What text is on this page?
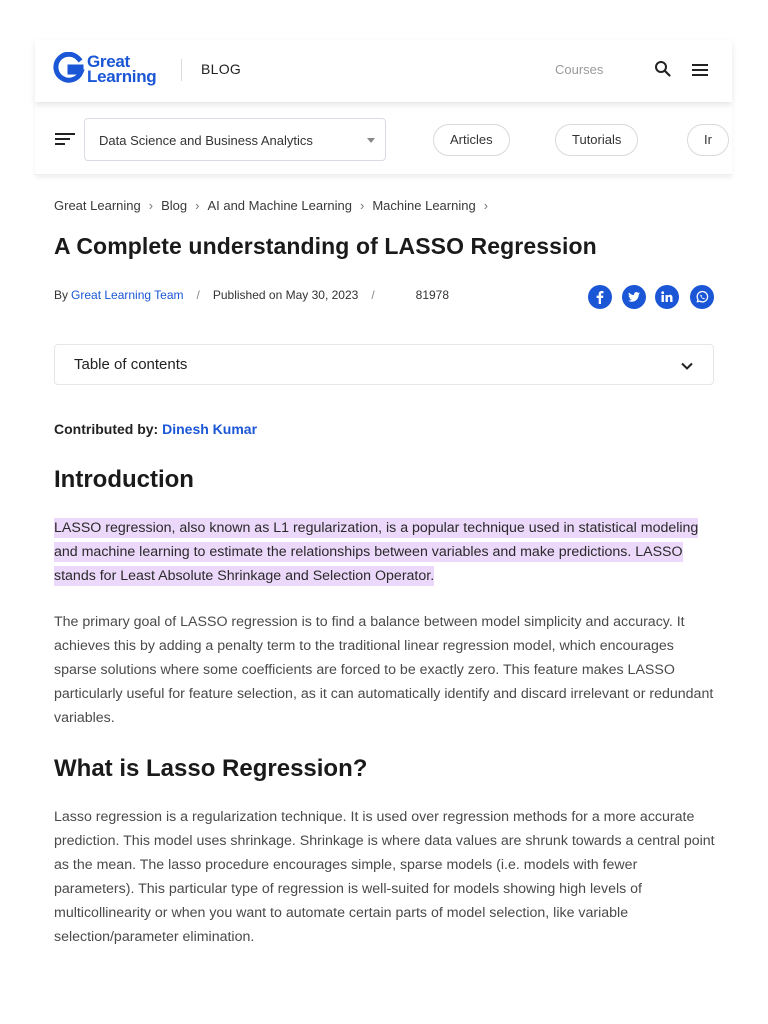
Great
Learning	BLOG	Courses
Data Science and Business Analytics	Articles	Tutorials	Ir
Great Learning › Blog › AI and Machine Learning › Machine Learning ›
A Complete understanding of LASSO Regression
By Great Learning Team / Published on May 30, 2023 /	81978
Table of contents
Contributed by: Dinesh Kumar
Introduction

LASSO regression, also known as L1 regularization, is a popular technique used in statistical modeling and machine learning to estimate the relationships between variables and make predictions. LASSO stands for Least Absolute Shrinkage and Selection Operator.

The primary goal of LASSO regression is to find a balance between model simplicity and accuracy. It achieves this by adding a penalty term to the traditional linear regression model, which encourages sparse solutions where some coefficients are forced to be exactly zero. This feature makes LASSO particularly useful for feature selection, as it can automatically identify and discard irrelevant or redundant variables.

What is Lasso Regression?

Lasso regression is a regularization technique. It is used over regression methods for a more accurate prediction. This model uses shrinkage. Shrinkage is where data values are shrunk towards a central point as the mean. The lasso procedure encourages simple, sparse models (i.e. models with fewer parameters). This particular type of regression is well-suited for models showing high levels of multicollinearity or when you want to automate certain parts of model selection, like variable selection/parameter elimination.
